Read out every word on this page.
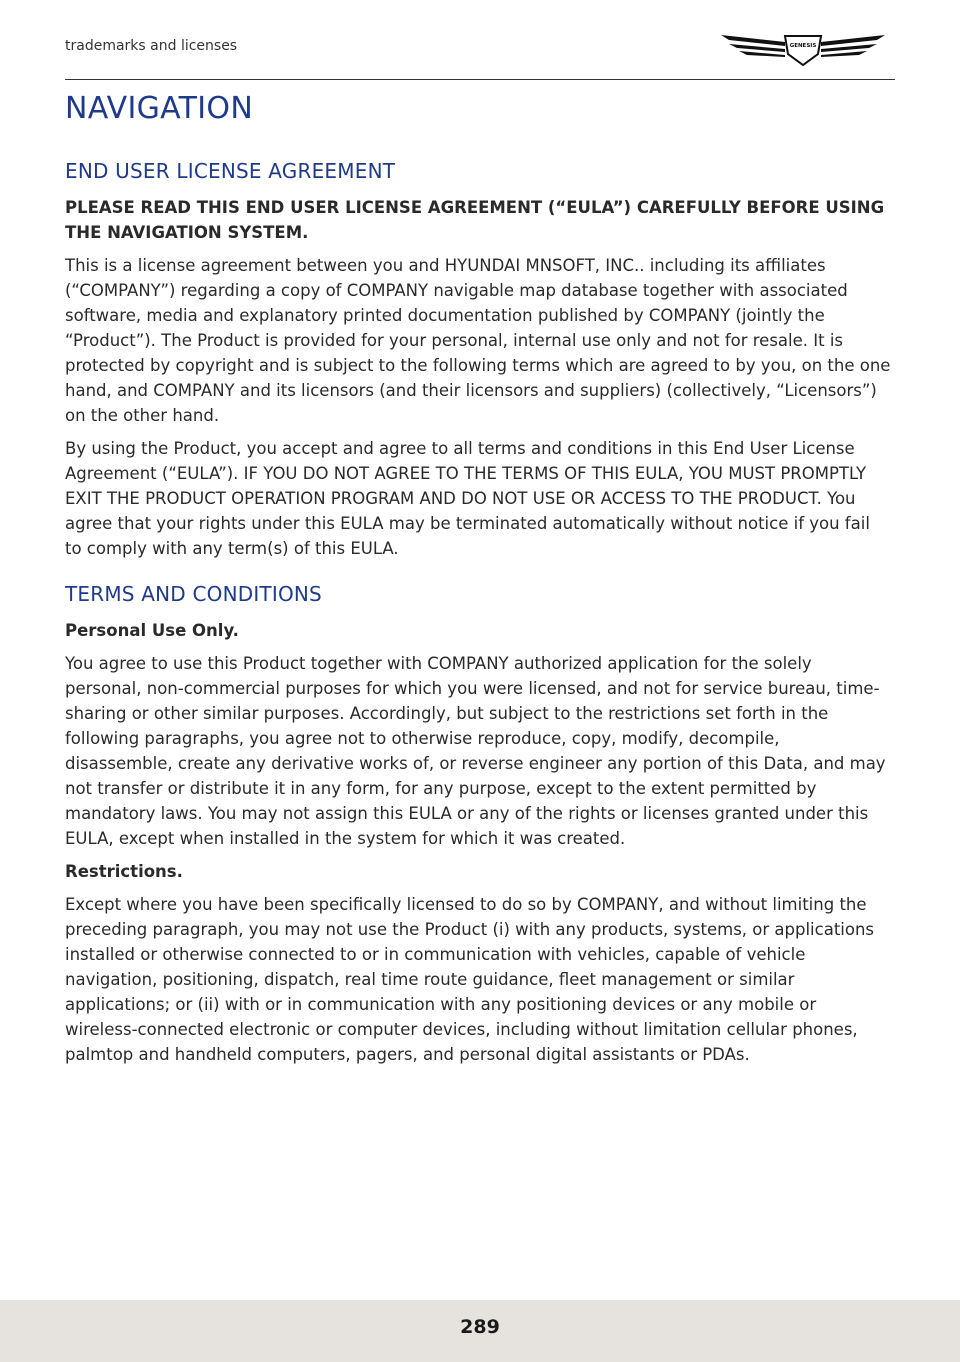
trademarks and licenses	GENESIS
NAVIGATION
END USER LICENSE AGREEMENT

PLEASE READ THIS END USER LICENSE AGREEMENT (“EULA”) CAREFULLY BEFORE USING THE NAVIGATION SYSTEM.

This is a license agreement between you and HYUNDAI MNSOFT, INC.. including its affiliates (“COMPANY”) regarding a copy of COMPANY navigable map database together with associated software, media and explanatory printed documentation published by COMPANY (jointly the “Product”). The Product is provided for your personal, internal use only and not for resale. It is protected by copyright and is subject to the following terms which are agreed to by you, on the one hand, and COMPANY and its licensors (and their licensors and suppliers) (collectively, “Licensors”) on the other hand.

By using the Product, you accept and agree to all terms and conditions in this End User License Agreement (“EULA”). IF YOU DO NOT AGREE TO THE TERMS OF THIS EULA, YOU MUST PROMPTLY EXIT THE PRODUCT OPERATION PROGRAM AND DO NOT USE OR ACCESS TO THE PRODUCT. You agree that your rights under this EULA may be terminated automatically without notice if you fail to comply with any term(s) of this EULA.

TERMS AND CONDITIONS

Personal Use Only.

You agree to use this Product together with COMPANY authorized application for the solely personal, non-commercial purposes for which you were licensed, and not for service bureau, time-sharing or other similar purposes. Accordingly, but subject to the restrictions set forth in the following paragraphs, you agree not to otherwise reproduce, copy, modify, decompile, disassemble, create any derivative works of, or reverse engineer any portion of this Data, and may not transfer or distribute it in any form, for any purpose, except to the extent permitted by mandatory laws. You may not assign this EULA or any of the rights or licenses granted under this EULA, except when installed in the system for which it was created.

Restrictions.

Except where you have been specifically licensed to do so by COMPANY, and without limiting the preceding paragraph, you may not use the Product (i) with any products, systems, or applications installed or otherwise connected to or in communication with vehicles, capable of vehicle navigation, positioning, dispatch, real time route guidance, fleet management or similar applications; or (ii) with or in communication with any positioning devices or any mobile or wireless-connected electronic or computer devices, including without limitation cellular phones, palmtop and handheld computers, pagers, and personal digital assistants or PDAs.

289
